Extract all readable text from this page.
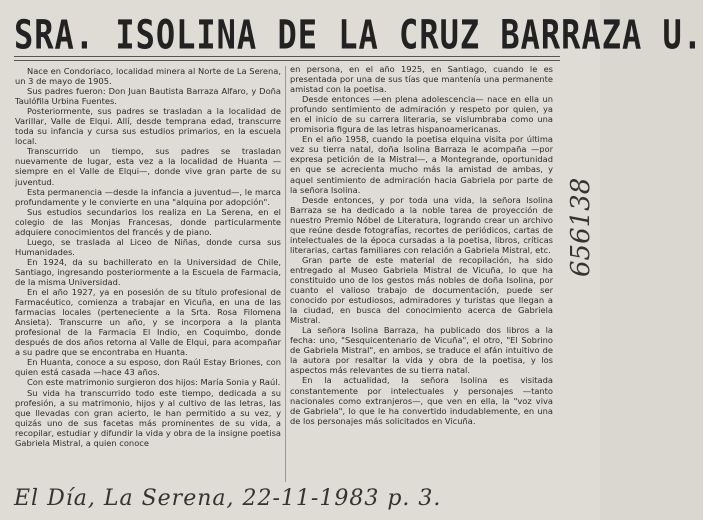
SRA. ISOLINA DE LA CRUZ BARRAZA U.

Nace en Condoriaco, localidad minera al Norte de La Serena, un 3 de mayo de 1905.

Sus padres fueron: Don Juan Bautista Barraza Alfaro, y Doña Taulófila Urbina Fuentes.

Posteriormente, sus padres se trasladan a la localidad de Varillar, Valle de Elqui. Allí, desde temprana edad, transcurre toda su infancia y cursa sus estudios primarios, en la escuela local.

Transcurrido un tiempo, sus padres se trasladan nuevamente de lugar, esta vez a la localidad de Huanta —siempre en el Valle de Elqui—, donde vive gran parte de su juventud.

Esta permanencia —desde la infancia a juventud—, le marca profundamente y le convierte en una "alquina por adopción".

Sus estudios secundarios los realiza en La Serena, en el colegio de las Monjas Francesas, donde particularmente adquiere conocimientos del francés y de piano.

Luego, se traslada al Liceo de Niñas, donde cursa sus Humanidades.

En 1924, da su bachillerato en la Universidad de Chile, Santiago, ingresando posteriormente a la Escuela de Farmacia, de la misma Universidad.

En el año 1927, ya en posesión de su título profesional de Farmacéutico, comienza a trabajar en Vicuña, en una de las farmacias locales (perteneciente a la Srta. Rosa Filomena Ansieta). Transcurre un año, y se incorpora a la planta profesional de la Farmacia El Indio, en Coquimbo, donde después de dos años retorna al Valle de Elqui, para acompañar a su padre que se encontraba en Huanta.

En Huanta, conoce a su esposo, don Raúl Estay Briones, con quien está casada —hace 43 años.

Con este matrimonio surgieron dos hijos: María Sonia y Raúl.

Su vida ha transcurrido todo este tiempo, dedicada a su profesión, a su matrimonio, hijos y al cultivo de las letras, las que llevadas con gran acierto, le han permitido a su vez, y quizás uno de sus facetas más prominentes de su vida, a recopilar, estudiar y difundir la vida y obra de la insigne poetisa Gabriela Mistral, a quien conoce

en persona, en el año 1925, en Santiago, cuando le es presentada por una de sus tías que mantenía una permanente amistad con la poetisa.

Desde entonces —en plena adolescencia— nace en ella un profundo sentimiento de admiración y respeto por quien, ya en el inicio de su carrera literaria, se vislumbraba como una promisoria figura de las letras hispanoamericanas.

En el año 1958, cuando la poetisa elquina visita por última vez su tierra natal, doña Isolina Barraza le acompaña —por expresa petición de la Mistral—, a Montegrande, oportunidad en que se acrecienta mucho más la amistad de ambas, y aquel sentimiento de admiración hacia Gabriela por parte de la señora Isolina.

Desde entonces, y por toda una vida, la señora Isolina Barraza se ha dedicado a la noble tarea de proyección de nuestro Premio Nóbel de Literatura, logrando crear un archivo que reúne desde fotografías, recortes de periódicos, cartas de intelectuales de la época cursadas a la poetisa, libros, críticas literarias, cartas familiares con relación a Gabriela Mistral, etc.

Gran parte de este material de recopilación, ha sido entregado al Museo Gabriela Mistral de Vicuña, lo que ha constituido uno de los gestos más nobles de doña Isolina, por cuanto el valioso trabajo de documentación, puede ser conocido por estudiosos, admiradores y turistas que llegan a la ciudad, en busca del conocimiento acerca de Gabriela Mistral.

La señora Isolina Barraza, ha publicado dos libros a la fecha: uno, "Sesquicentenario de Vicuña", el otro, "El Sobrino de Gabriela Mistral", en ambos, se traduce el afán intuitivo de la autora por resaltar la vida y obra de la poetisa, y los aspectos más relevantes de su tierra natal.

En la actualidad, la señora Isolina es visitada constantemente por intelectuales y personajes —tanto nacionales como extranjeros—, que ven en ella, la "voz viva de Gabriela", lo que le ha convertido indudablemente, en una de los personajes más solicitados en Vicuña.

El Día, La Serena, 22-11-1983 p. 3.
656138
